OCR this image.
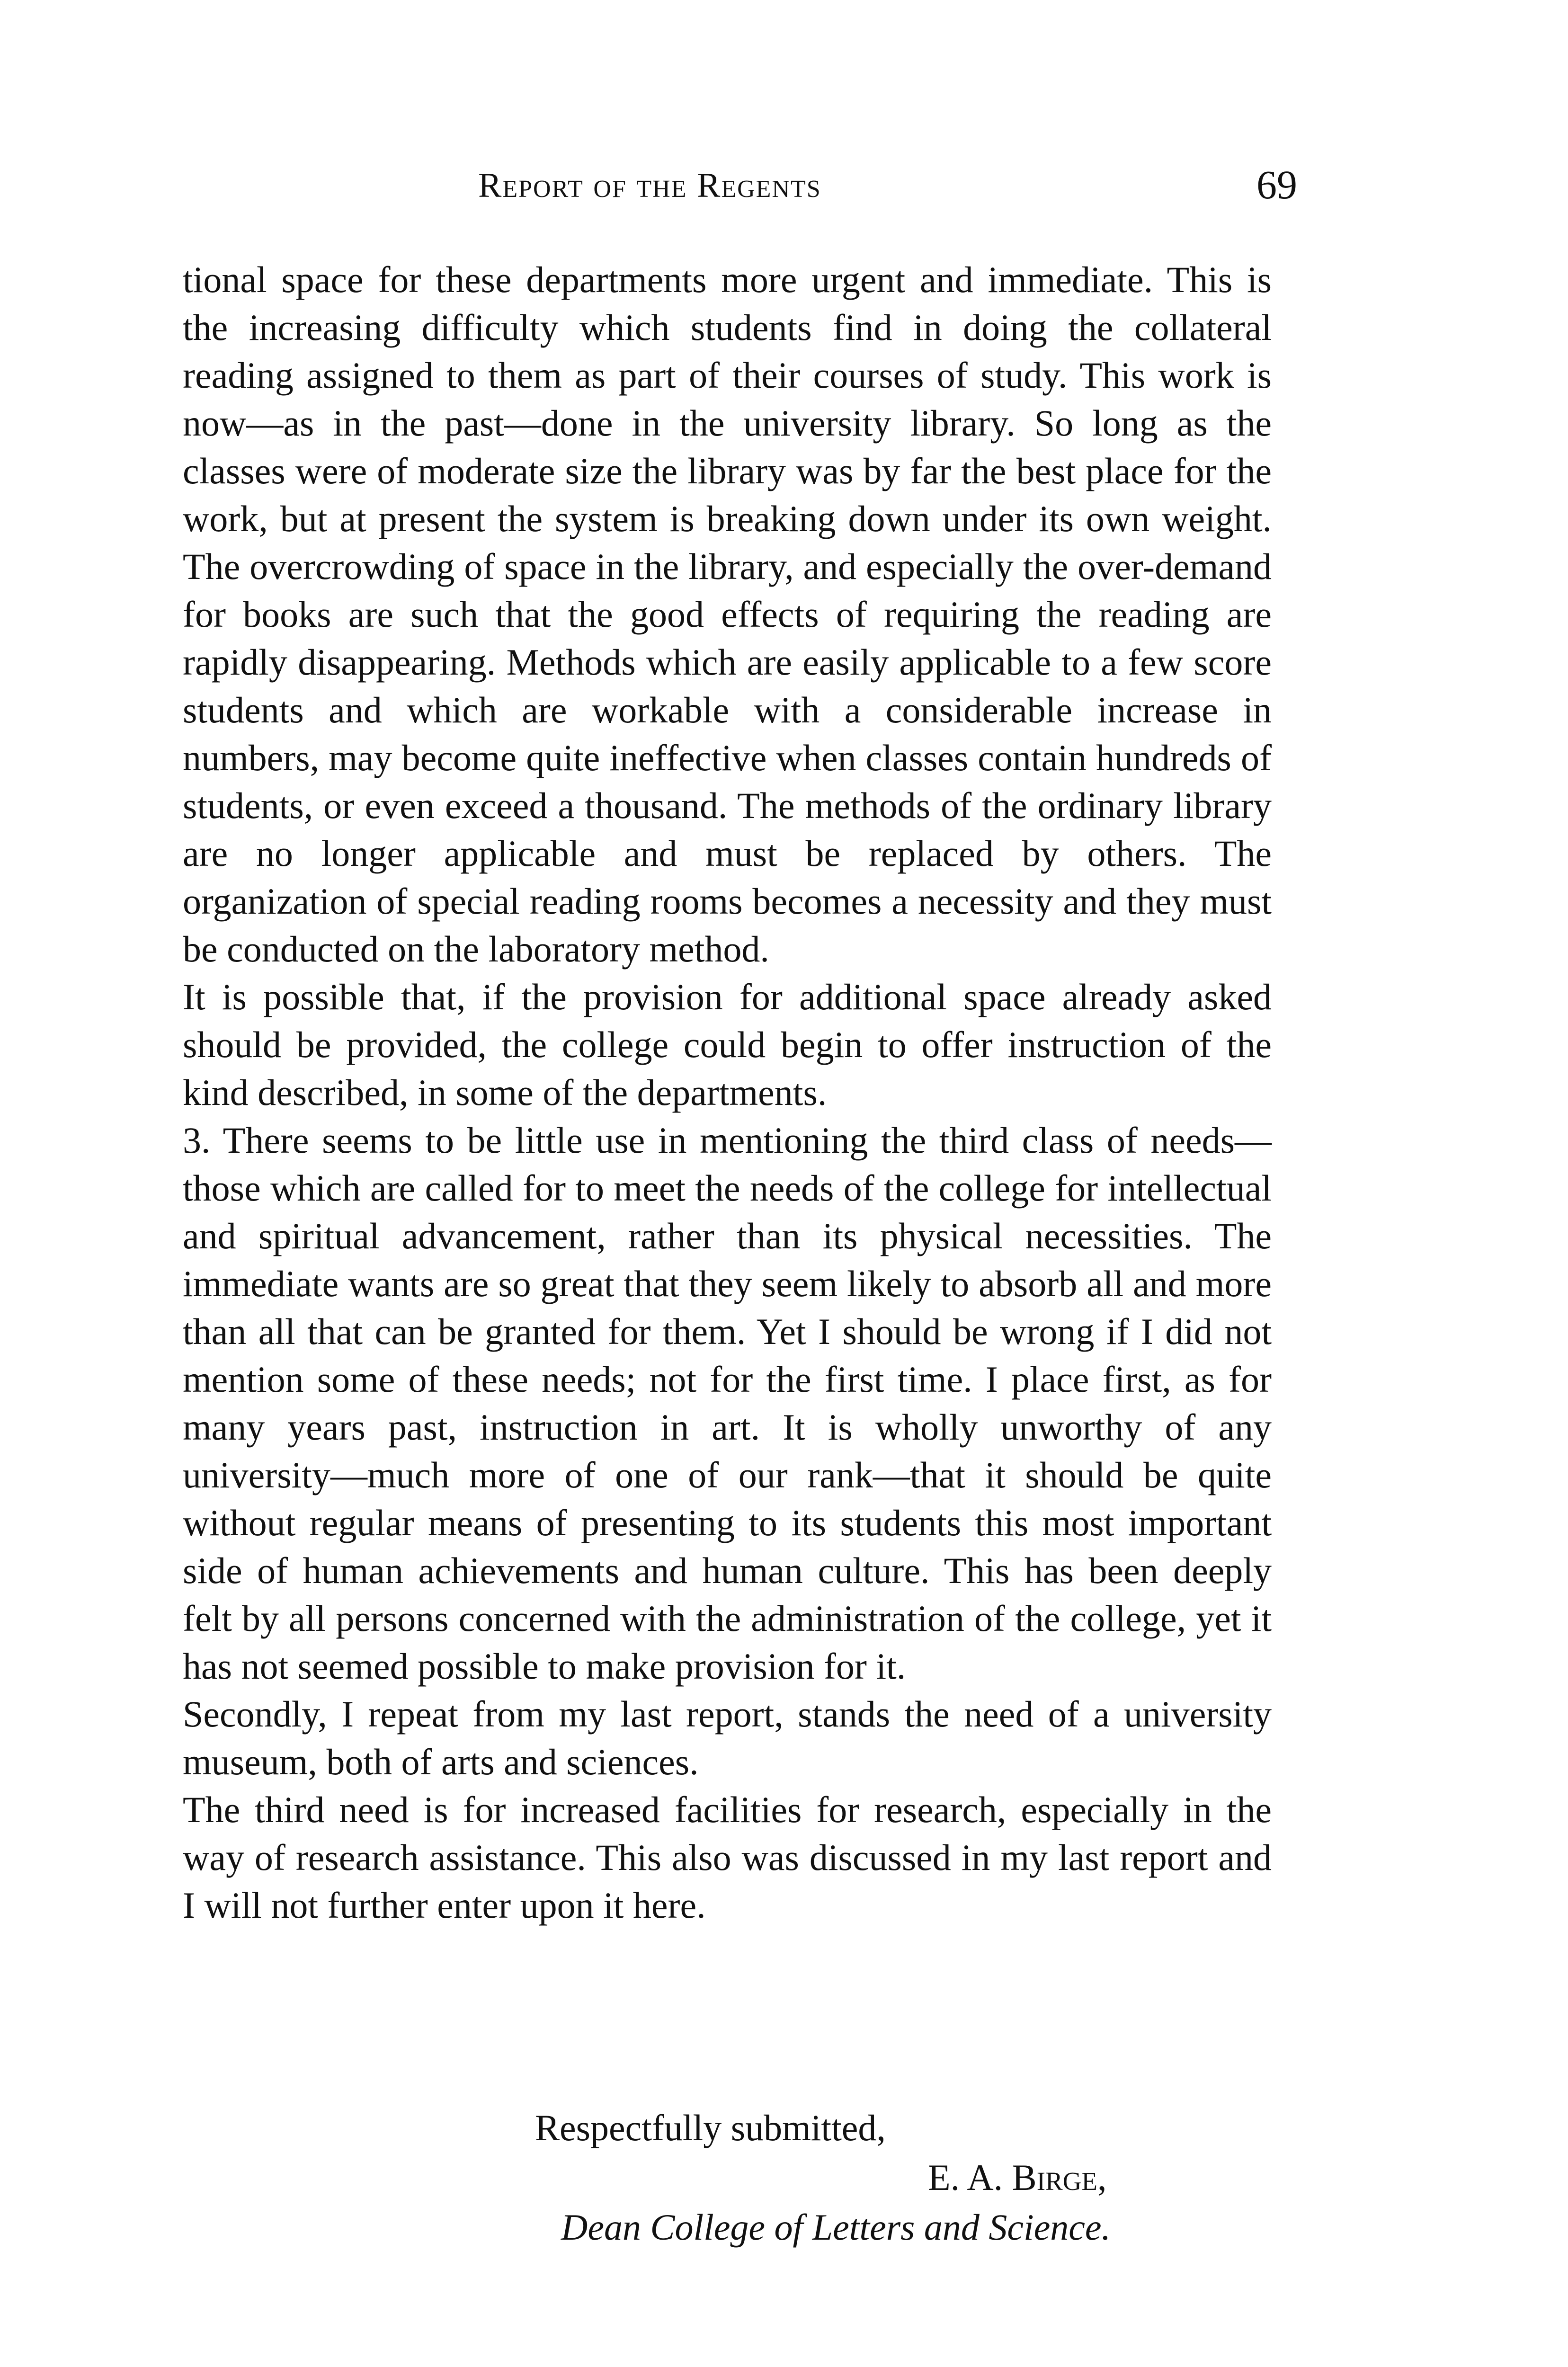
Report of the Regents	69

tional space for these departments more urgent and immediate. This is the increasing difficulty which students find in doing the collateral reading assigned to them as part of their courses of study. This work is now—as in the past—done in the university library. So long as the classes were of moderate size the library was by far the best place for the work, but at present the system is breaking down under its own weight. The overcrowding of space in the library, and especially the over-demand for books are such that the good effects of requiring the reading are rapidly disappearing. Methods which are easily applicable to a few score students and which are workable with a considerable increase in numbers, may become quite ineffective when classes contain hundreds of students, or even exceed a thousand. The methods of the ordinary library are no longer applicable and must be replaced by others. The organization of special reading rooms becomes a necessity and they must be conducted on the laboratory method.

It is possible that, if the provision for additional space already asked should be provided, the college could begin to offer instruction of the kind described, in some of the departments.

3. There seems to be little use in mentioning the third class of needs—those which are called for to meet the needs of the college for intellectual and spiritual advancement, rather than its physical necessities. The immediate wants are so great that they seem likely to absorb all and more than all that can be granted for them. Yet I should be wrong if I did not mention some of these needs; not for the first time. I place first, as for many years past, instruction in art. It is wholly unworthy of any university—much more of one of our rank—that it should be quite without regular means of presenting to its students this most important side of human achievements and human culture. This has been deeply felt by all persons concerned with the administration of the college, yet it has not seemed possible to make provision for it.

Secondly, I repeat from my last report, stands the need of a university museum, both of arts and sciences.

The third need is for increased facilities for research, especially in the way of research assistance. This also was discussed in my last report and I will not further enter upon it here.

Respectfully submitted,
E. A. Birge,
Dean College of Letters and Science.
